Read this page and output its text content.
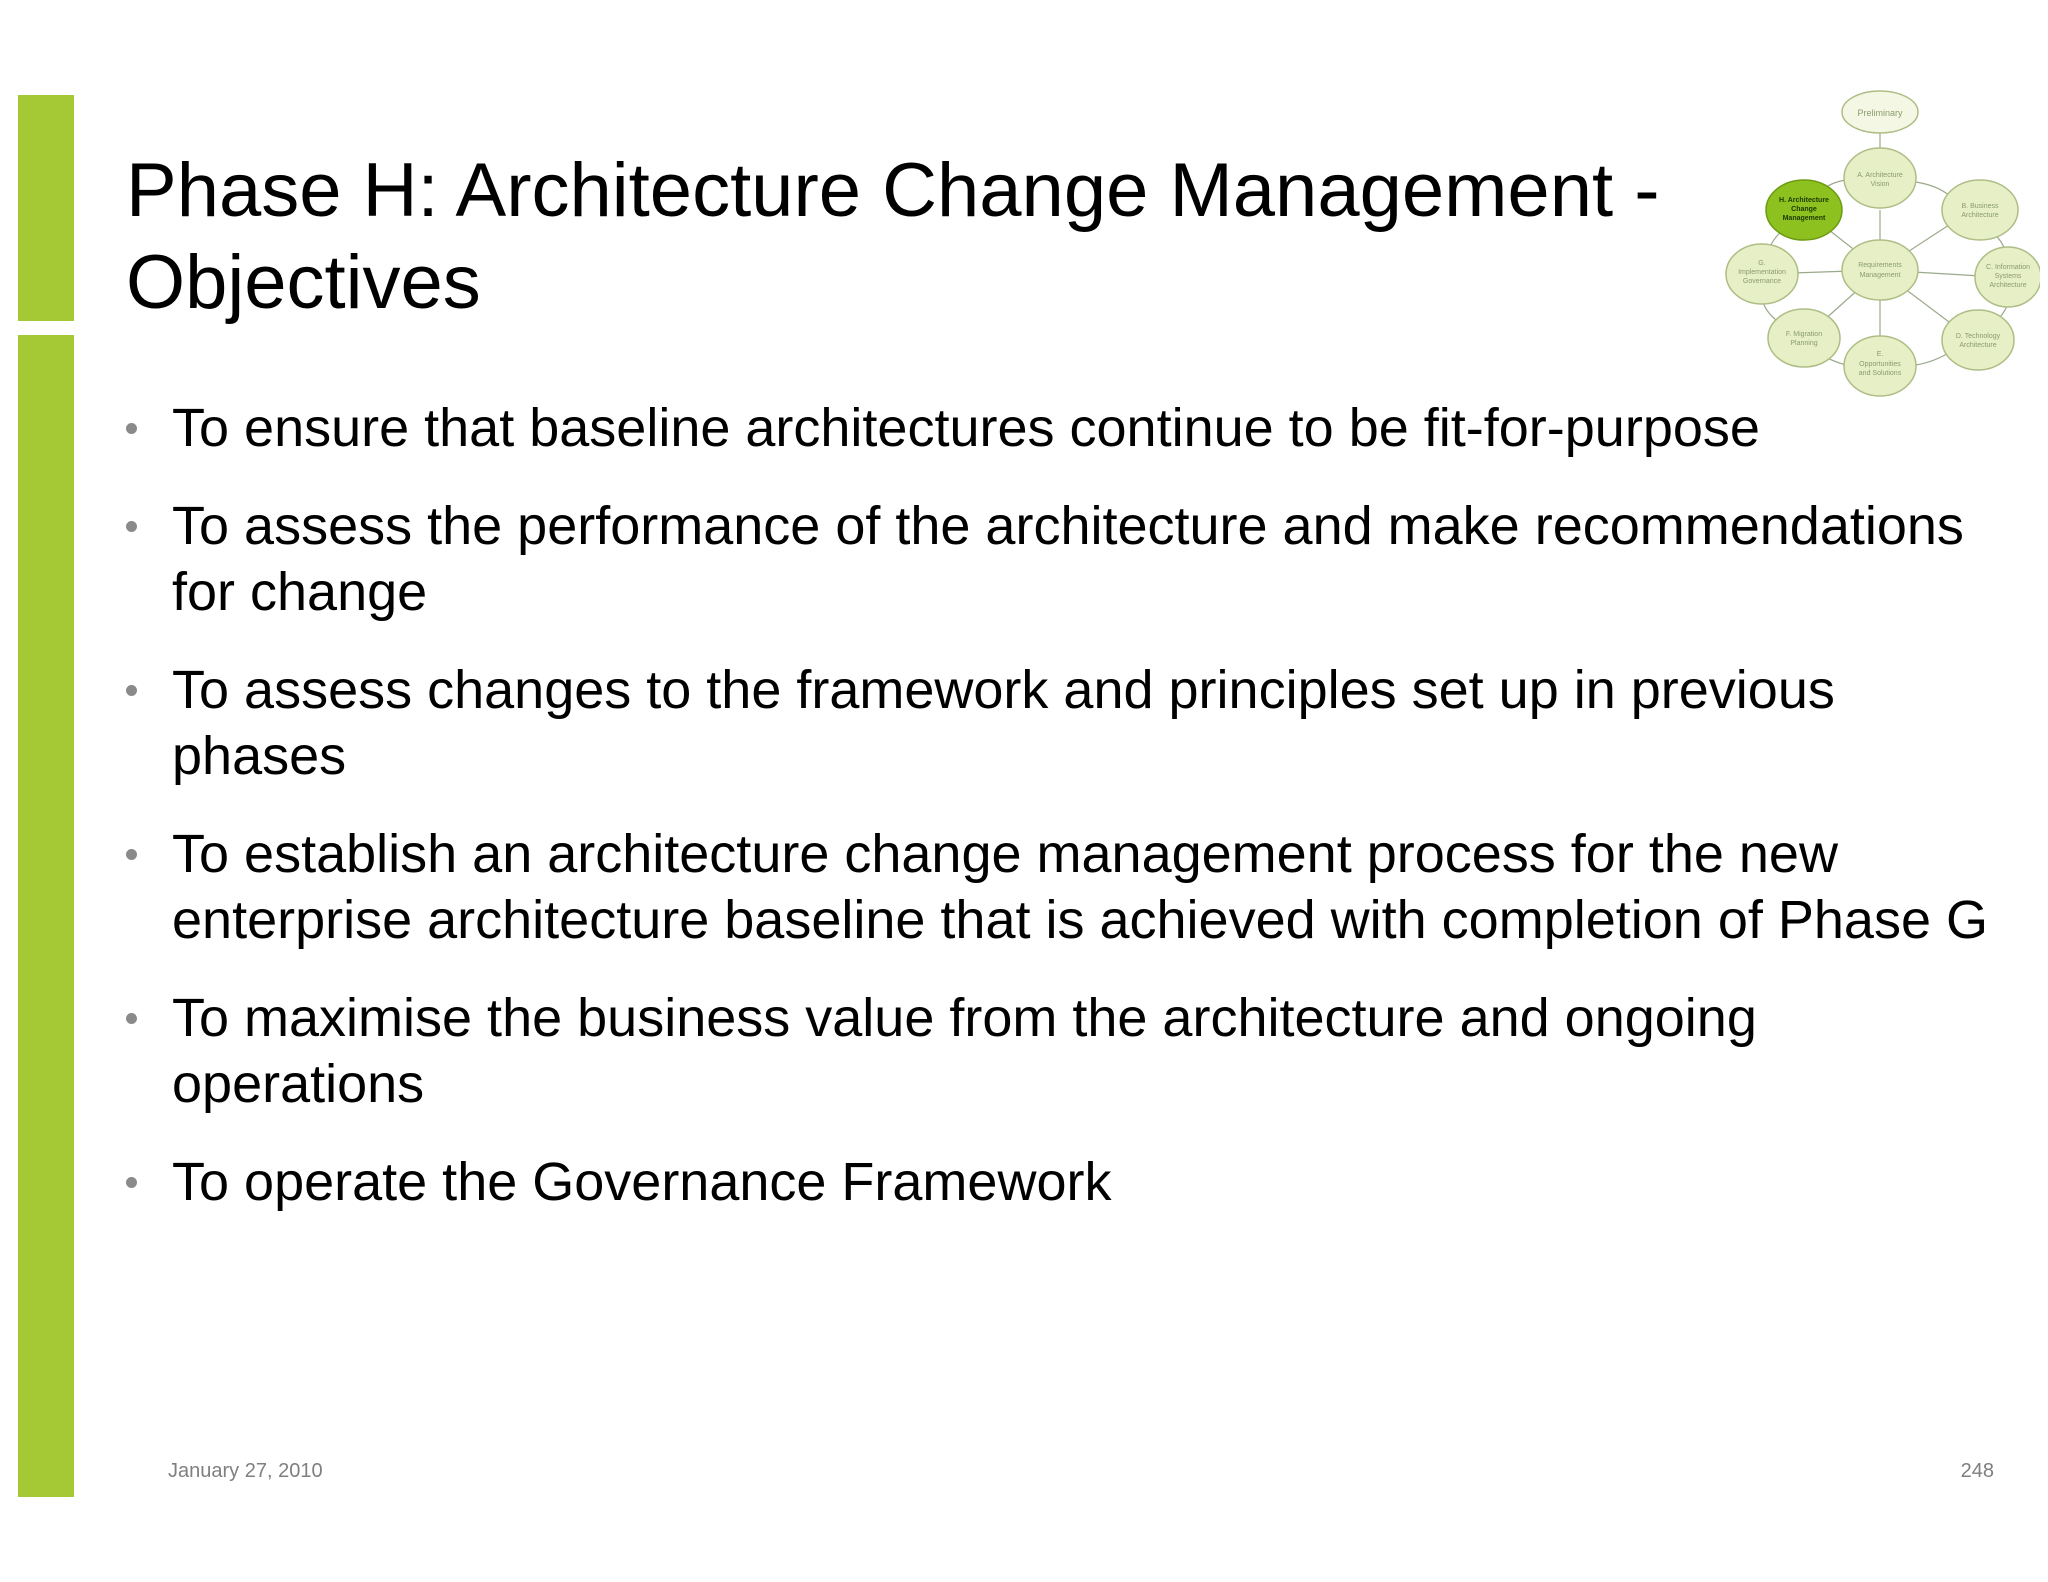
Phase H: Architecture Change Management -
Objectives
Preliminary
A. Architecture
Vision
B. Business
Architecture
C. Information
Systems
Architecture
D. Technology
Architecture
E.
Opportunities
and Solutions
F. Migration
Planning
G.
Implementation
Governance
H. Architecture
Change
Management
Requirements
Management
To ensure that baseline architectures continue to be fit-for-purpose
To assess the performance of the architecture and make recommendations for change
To assess changes to the framework and principles set up in previous phases
To establish an architecture change management process for the new enterprise architecture baseline that is achieved with completion of Phase G
To maximise the business value from the architecture and ongoing operations
To operate the Governance Framework
January 27, 2010	248
